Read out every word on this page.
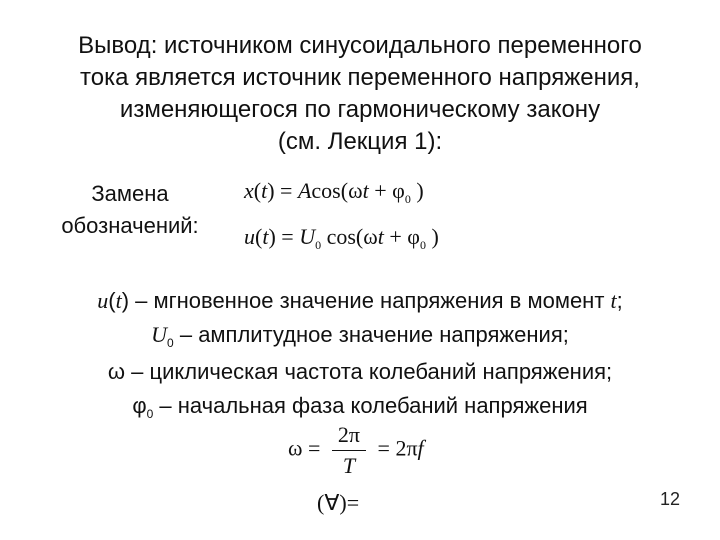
Вывод: источником синусоидального переменного
тока является источник переменного напряжения,
изменяющегося по гармоническому закону
(см. Лекция 1):
Замена
обозначений:
$x(t) = Acos(\omega t + \varphi_0$ )
$u(t) = U_0$ $\cos(\omega t + \varphi_0$ )
u(t) – мгновенное значение напряжения в момент t;
$U_0$ – амплитудное значение напряжения;
ω – циклическая частота колебаний напряжения;
$\varphi_0$ – начальная фаза колебаний напряжения
$\omega = \frac{2\pi}{T} = 2\pi f$
(∀)=	12
